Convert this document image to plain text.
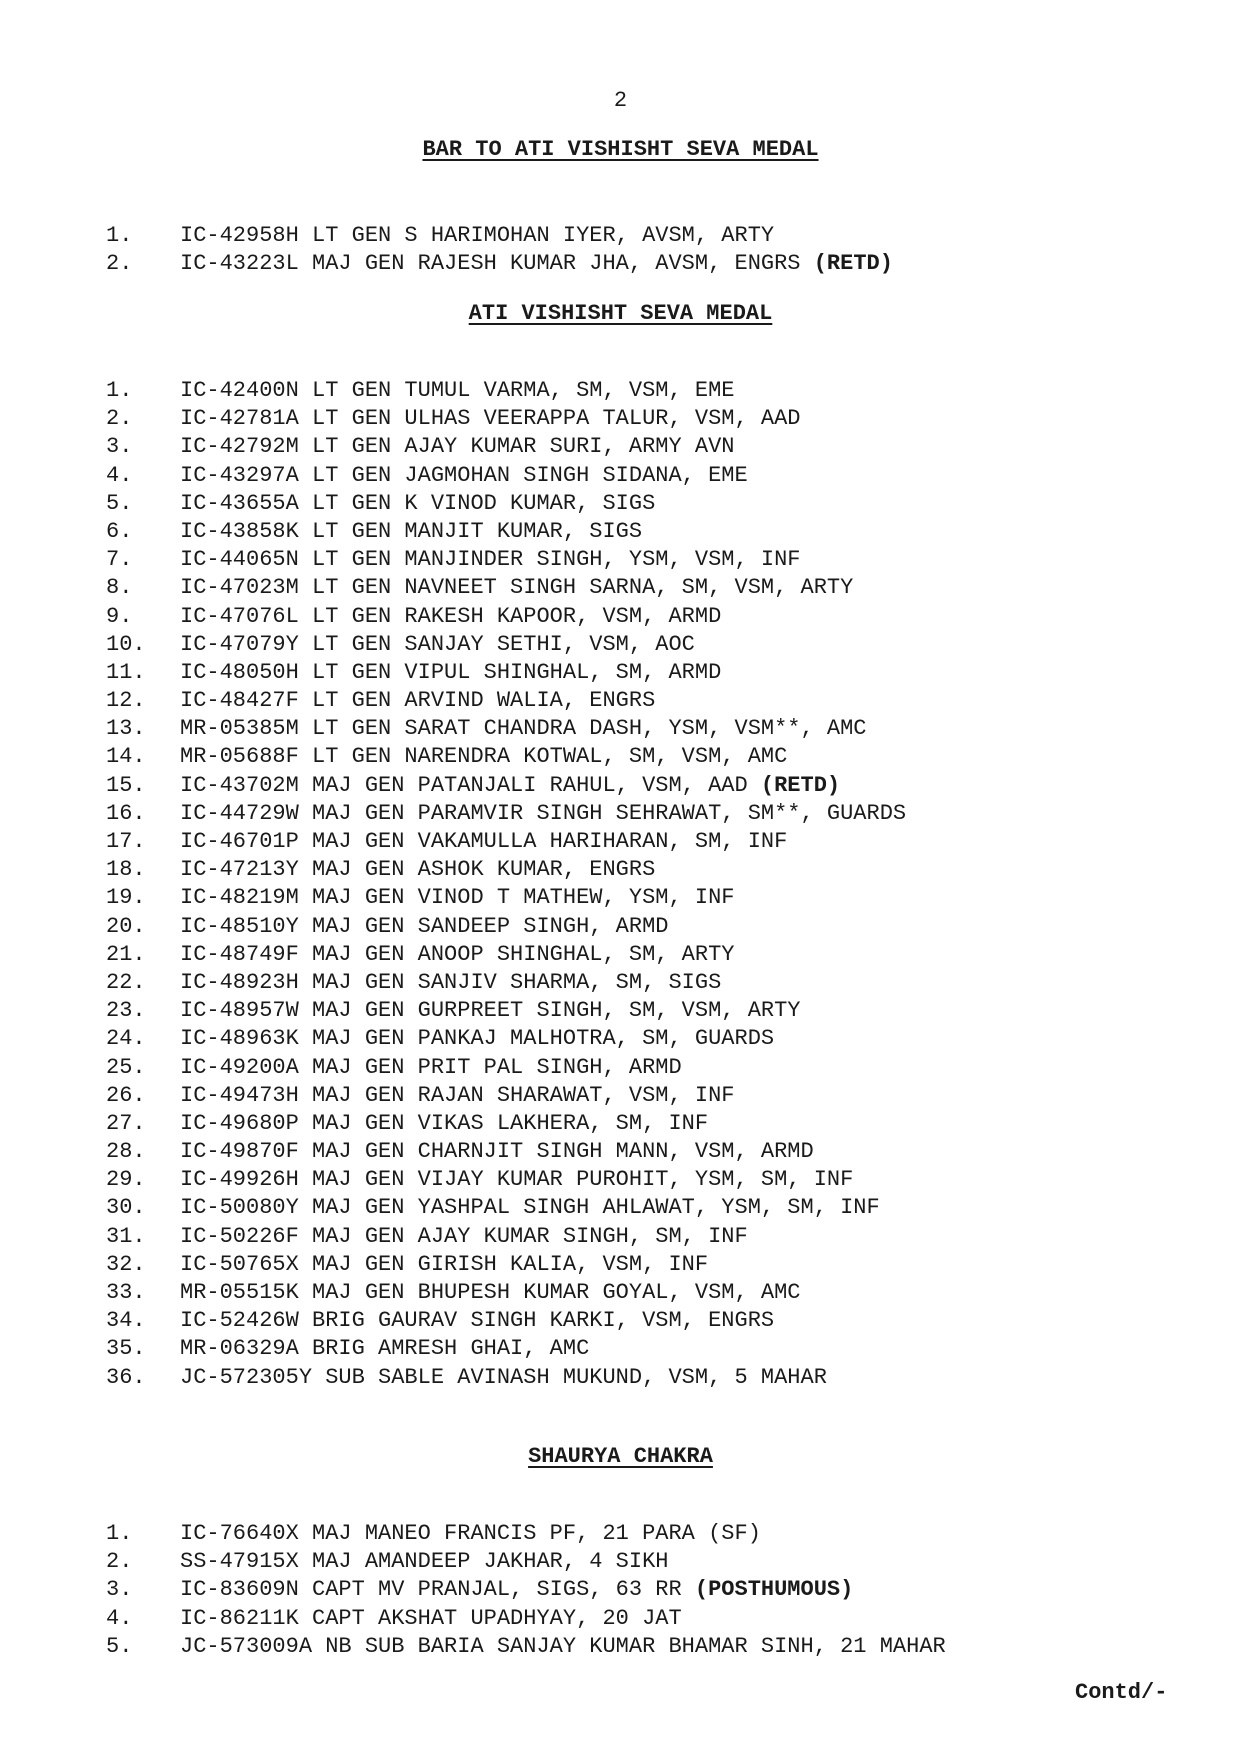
2
BAR TO ATI VISHISHT SEVA MEDAL
1. IC-42958H LT GEN S HARIMOHAN IYER, AVSM, ARTY
2. IC-43223L MAJ GEN RAJESH KUMAR JHA, AVSM, ENGRS (RETD)
ATI VISHISHT SEVA MEDAL
1. IC-42400N LT GEN TUMUL VARMA, SM, VSM, EME
2. IC-42781A LT GEN ULHAS VEERAPPA TALUR, VSM, AAD
3. IC-42792M LT GEN AJAY KUMAR SURI, ARMY AVN
4. IC-43297A LT GEN JAGMOHAN SINGH SIDANA, EME
5. IC-43655A LT GEN K VINOD KUMAR, SIGS
6. IC-43858K LT GEN MANJIT KUMAR, SIGS
7. IC-44065N LT GEN MANJINDER SINGH, YSM, VSM, INF
8. IC-47023M LT GEN NAVNEET SINGH SARNA, SM, VSM, ARTY
9. IC-47076L LT GEN RAKESH KAPOOR, VSM, ARMD
10. IC-47079Y LT GEN SANJAY SETHI, VSM, AOC
11. IC-48050H LT GEN VIPUL SHINGHAL, SM, ARMD
12. IC-48427F LT GEN ARVIND WALIA, ENGRS
13. MR-05385M LT GEN SARAT CHANDRA DASH, YSM, VSM**, AMC
14. MR-05688F LT GEN NARENDRA KOTWAL, SM, VSM, AMC
15. IC-43702M MAJ GEN PATANJALI RAHUL, VSM, AAD (RETD)
16. IC-44729W MAJ GEN PARAMVIR SINGH SEHRAWAT, SM**, GUARDS
17. IC-46701P MAJ GEN VAKAMULLA HARIHARAN, SM, INF
18. IC-47213Y MAJ GEN ASHOK KUMAR, ENGRS
19. IC-48219M MAJ GEN VINOD T MATHEW, YSM, INF
20. IC-48510Y MAJ GEN SANDEEP SINGH, ARMD
21. IC-48749F MAJ GEN ANOOP SHINGHAL, SM, ARTY
22. IC-48923H MAJ GEN SANJIV SHARMA, SM, SIGS
23. IC-48957W MAJ GEN GURPREET SINGH, SM, VSM, ARTY
24. IC-48963K MAJ GEN PANKAJ MALHOTRA, SM, GUARDS
25. IC-49200A MAJ GEN PRIT PAL SINGH, ARMD
26. IC-49473H MAJ GEN RAJAN SHARAWAT, VSM, INF
27. IC-49680P MAJ GEN VIKAS LAKHERA, SM, INF
28. IC-49870F MAJ GEN CHARNJIT SINGH MANN, VSM, ARMD
29. IC-49926H MAJ GEN VIJAY KUMAR PUROHIT, YSM, SM, INF
30. IC-50080Y MAJ GEN YASHPAL SINGH AHLAWAT, YSM, SM, INF
31. IC-50226F MAJ GEN AJAY KUMAR SINGH, SM, INF
32. IC-50765X MAJ GEN GIRISH KALIA, VSM, INF
33. MR-05515K MAJ GEN BHUPESH KUMAR GOYAL, VSM, AMC
34. IC-52426W BRIG GAURAV SINGH KARKI, VSM, ENGRS
35. MR-06329A BRIG AMRESH GHAI, AMC
36. JC-572305Y SUB SABLE AVINASH MUKUND, VSM, 5 MAHAR
SHAURYA CHAKRA
1. IC-76640X MAJ MANEO FRANCIS PF, 21 PARA (SF)
2. SS-47915X MAJ AMANDEEP JAKHAR, 4 SIKH
3. IC-83609N CAPT MV PRANJAL, SIGS, 63 RR (POSTHUMOUS)
4. IC-86211K CAPT AKSHAT UPADHYAY, 20 JAT
5. JC-573009A NB SUB BARIA SANJAY KUMAR BHAMAR SINH, 21 MAHAR
Contd/-
